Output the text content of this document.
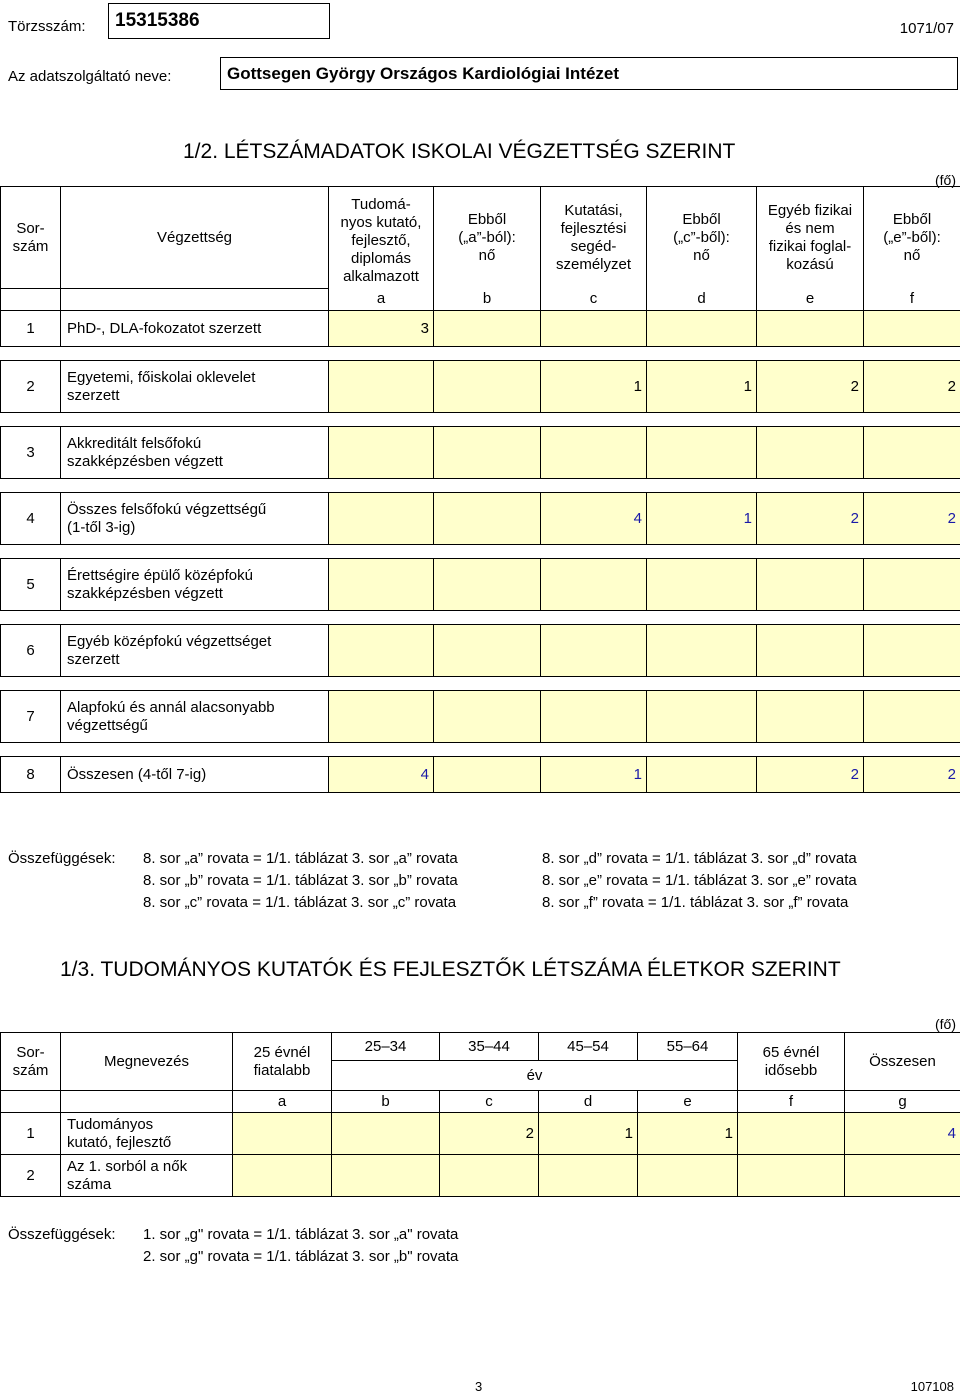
Törzsszám:	15315386	1071/07
Az adatszolgáltató neve:	Gottsegen György Országos Kardiológiai Intézet
1/2. LÉTSZÁMADATOK ISKOLAI VÉGZETTSÉG SZERINT
(fő)
Sor-
szám	Végzettség	Tudomá-
nyos kutató,
fejlesztő,
diplomás
alkalmazott	Ebből
(„a”-ból):
nő	Kutatási,
fejlesztési
segéd-
személyzet	Ebből
(„c”-ből):
nő	Egyéb fizikai
és nem
fizikai foglal-
kozású	Ebből
(„e”-ből):
nő
		a	b	c	d	e	f
1	PhD-, DLA-fokozatot szerzett	3					

2	Egyetemi, főiskolai oklevelet
szerzett			1	1	2	2

3	Akkreditált felsőfokú
szakképzésben végzett						

4	Összes felsőfokú végzettségű
(1-től 3-ig)			4	1	2	2

5	Érettségire épülő középfokú
szakképzésben végzett						

6	Egyéb középfokú végzettséget
szerzett						

7	Alapfokú és annál alacsonyabb
végzettségű						

8	Összesen (4-től 7-ig)	4		1		2	2
Összefüggések: 8. sor „a” rovata = 1/1. táblázat 3. sor „a” rovata
8. sor „b” rovata = 1/1. táblázat 3. sor „b” rovata
8. sor „c” rovata = 1/1. táblázat 3. sor „c” rovata
8. sor „d” rovata = 1/1. táblázat 3. sor „d” rovata
8. sor „e” rovata = 1/1. táblázat 3. sor „e” rovata
8. sor „f” rovata = 1/1. táblázat 3. sor „f” rovata
1/3. TUDOMÁNYOS KUTATÓK ÉS FEJLESZTŐK LÉTSZÁMA ÉLETKOR SZERINT
(fő)
Sor-
szám	Megnevezés	25 évnél
fiatalabb	25–34	35–44	45–54	55–64	65 évnél
idősebb	Összesen
			év					
		a	b	c	d	e	f	g
1	Tudományos
kutató, fejlesztő			2	1	1		4
2	Az 1. sorból a nők
száma							
Összefüggések: 1. sor „g" rovata = 1/1. táblázat 3. sor „a" rovata
2. sor „g" rovata = 1/1. táblázat 3. sor „b" rovata
3	107108
